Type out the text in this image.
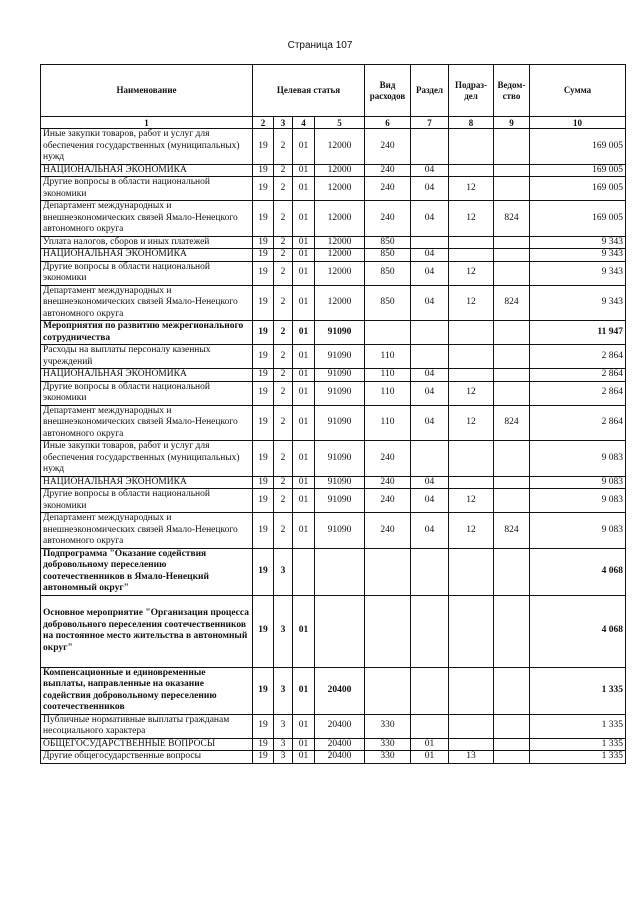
Страница 107
Наименование	Целевая статья				Вид расходов	Раздел	Подраз-дел	Ведом-ство	Сумма
1	2	3	4	5	6	7	8	9	10
Иные закупки товаров, работ и услуг для обеспечения государственных (муниципальных) нужд	19	2	01	12000	240				169 005
НАЦИОНАЛЬНАЯ ЭКОНОМИКА	19	2	01	12000	240	04			169 005
Другие вопросы в области национальной экономики	19	2	01	12000	240	04	12		169 005
Департамент международных и внешнеэкономических связей Ямало-Ненецкого автономного округа	19	2	01	12000	240	04	12	824	169 005
Уплата налогов, сборов и иных платежей	19	2	01	12000	850				9 343
НАЦИОНАЛЬНАЯ ЭКОНОМИКА	19	2	01	12000	850	04			9 343
Другие вопросы в области национальной экономики	19	2	01	12000	850	04	12		9 343
Департамент международных и внешнеэкономических связей Ямало-Ненецкого автономного округа	19	2	01	12000	850	04	12	824	9 343
Мероприятия по развитию межрегионального сотрудничества	19	2	01	91090					11 947
Расходы на выплаты персоналу казенных учреждений	19	2	01	91090	110				2 864
НАЦИОНАЛЬНАЯ ЭКОНОМИКА	19	2	01	91090	110	04			2 864
Другие вопросы в области национальной экономики	19	2	01	91090	110	04	12		2 864
Департамент международных и внешнеэкономических связей Ямало-Ненецкого автономного округа	19	2	01	91090	110	04	12	824	2 864
Иные закупки товаров, работ и услуг для обеспечения государственных (муниципальных) нужд	19	2	01	91090	240				9 083
НАЦИОНАЛЬНАЯ ЭКОНОМИКА	19	2	01	91090	240	04			9 083
Другие вопросы в области национальной экономики	19	2	01	91090	240	04	12		9 083
Департамент международных и внешнеэкономических связей Ямало-Ненецкого автономного округа	19	2	01	91090	240	04	12	824	9 083
Подпрограмма "Оказание содействия добровольному переселению соотечественников в Ямало-Ненецкий автономный округ"	19	3							4 068
Основное мероприятие "Организация процесса добровольного переселения соотечественников на постоянное место жительства в автономный округ"	19	3	01						4 068
Компенсационные и единовременные выплаты, направленные на оказание содействия добровольному переселению соотечественников	19	3	01	20400					1 335
Публичные нормативные выплаты гражданам несоциального характера	19	3	01	20400	330				1 335
ОБЩЕГОСУДАРСТВЕННЫЕ ВОПРОСЫ	19	3	01	20400	330	01			1 335
Другие общегосударственные вопросы	19	3	01	20400	330	01	13		1 335
